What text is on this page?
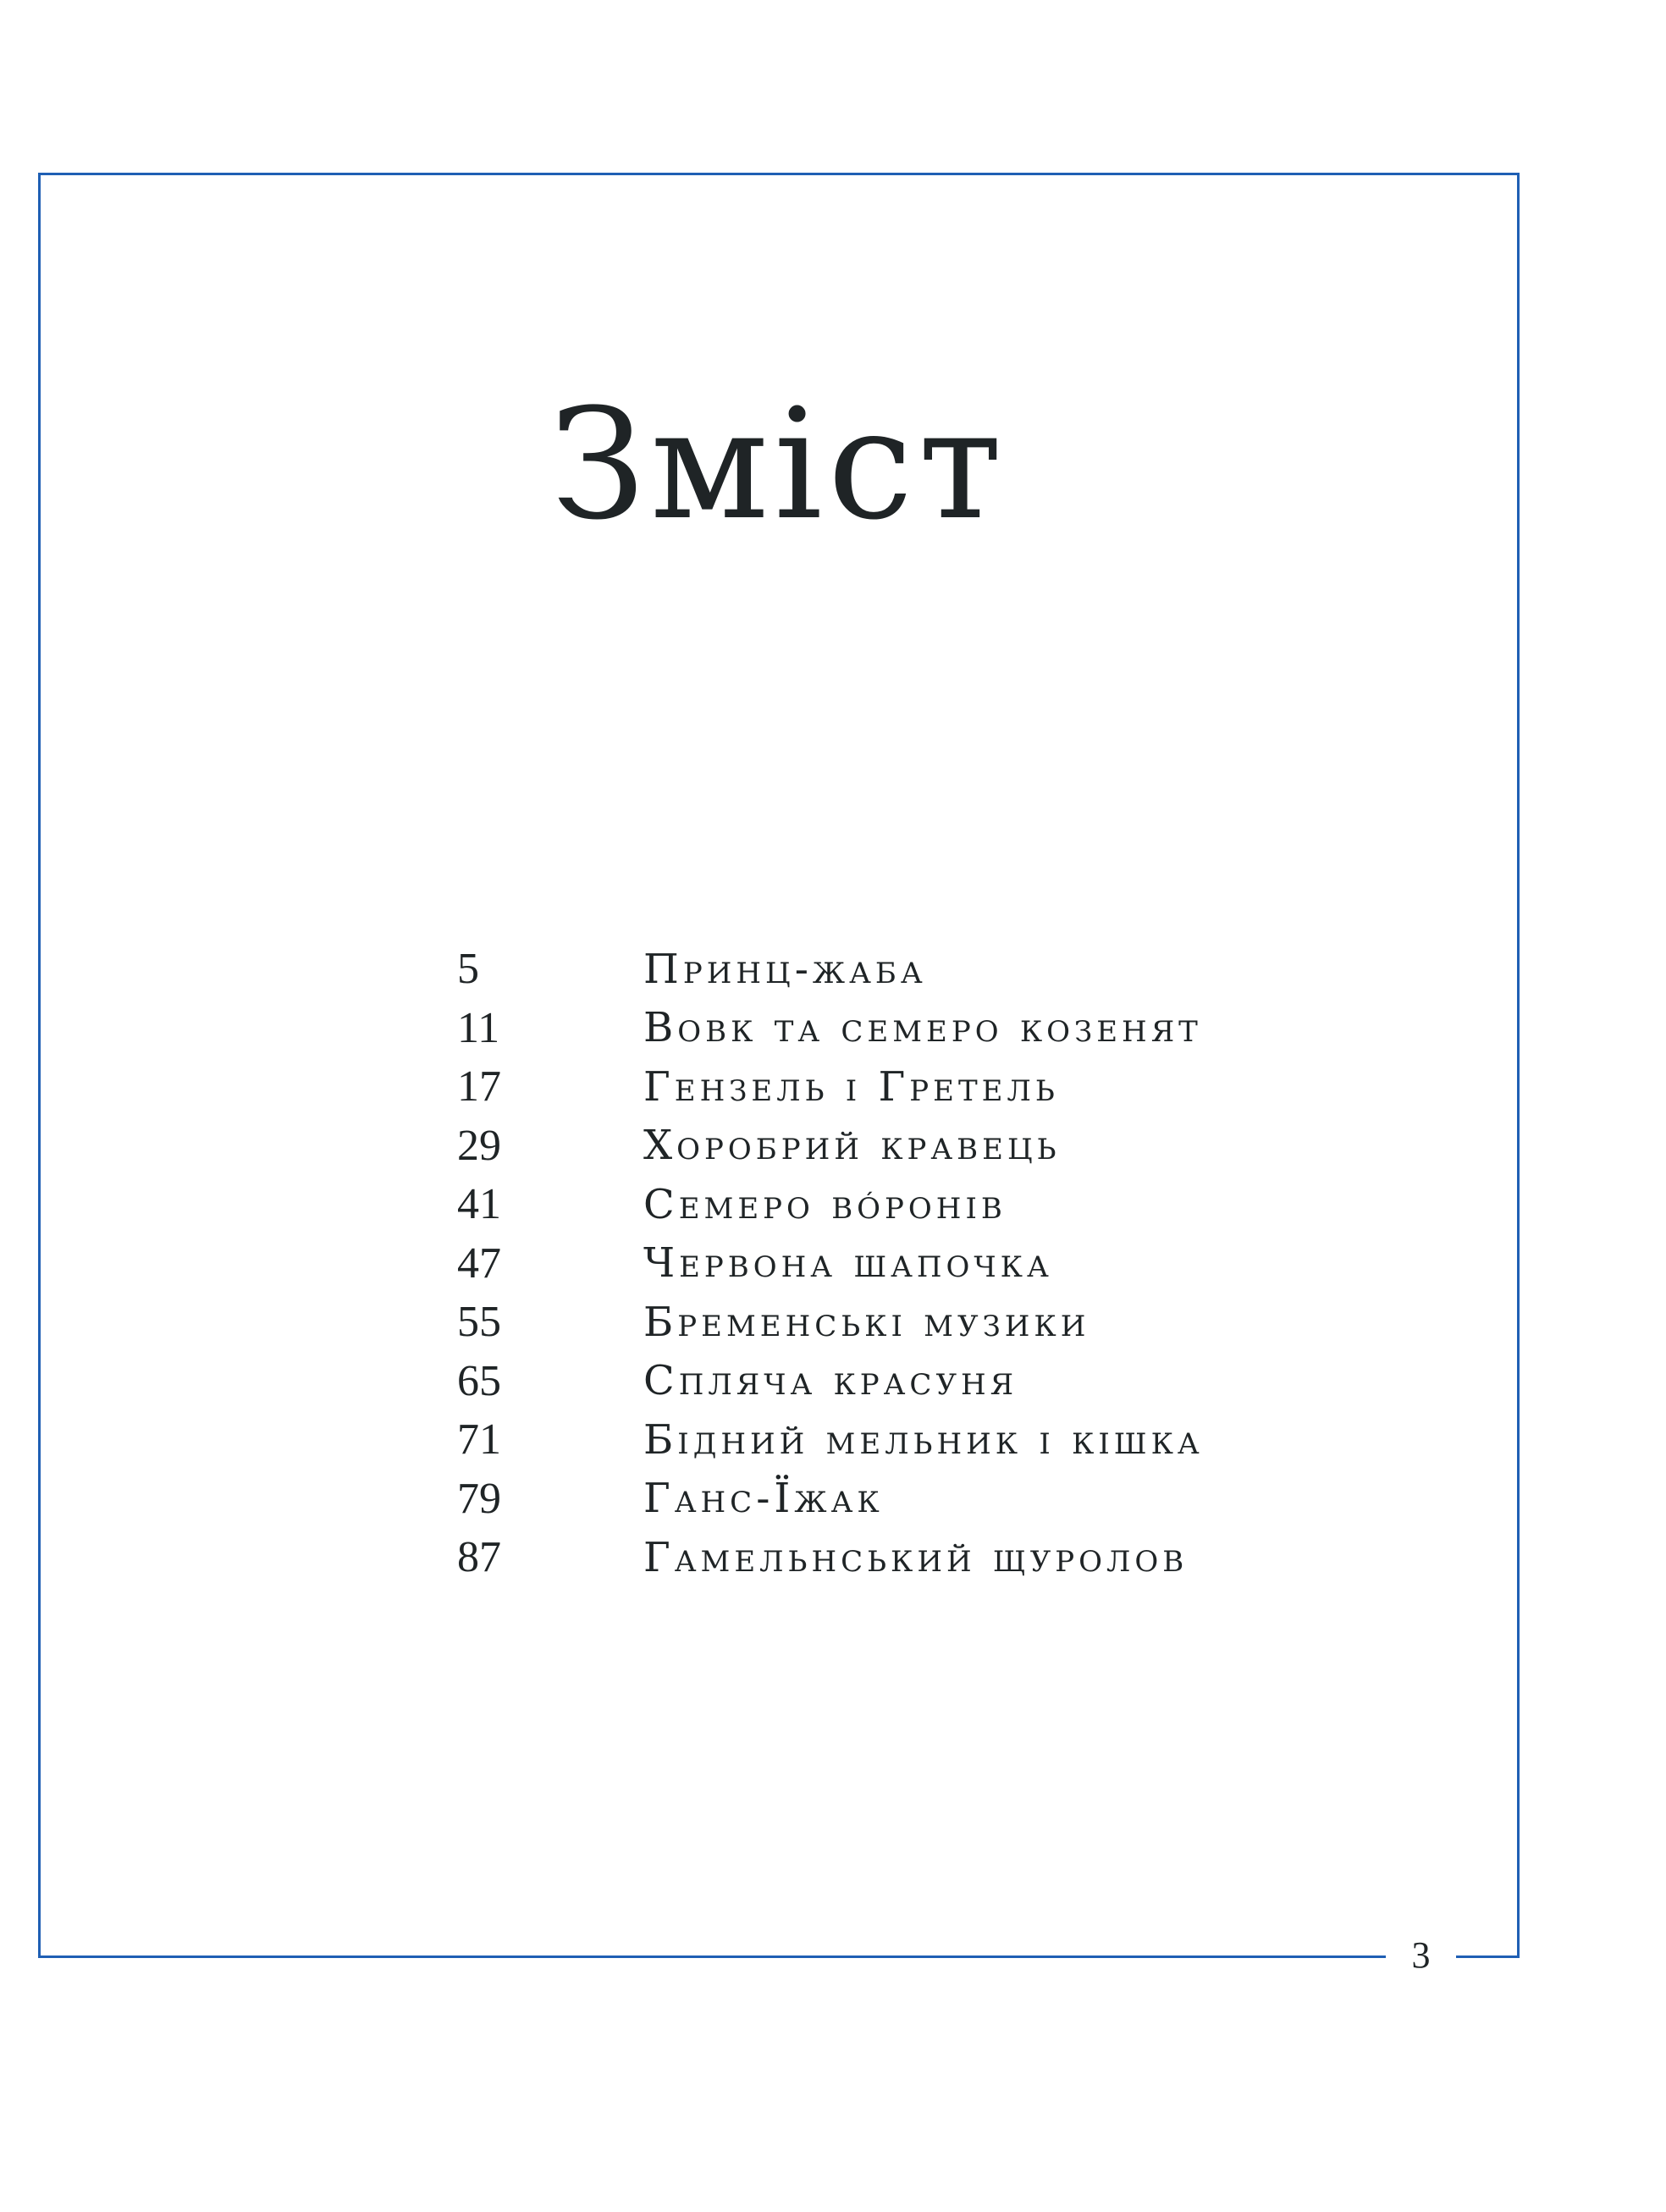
Зміст
5	Принц-жаба
11	Вовк та семеро козенят
17	Гензель і Гретель
29	Хоробрий кравець
41	Семеро вóронів
47	Червона шапочка
55	Бременські музики
65	Спляча красуня
71	Бідний мельник і кішка
79	Ганс-Їжак
87	Гамельнський щуролов
3
